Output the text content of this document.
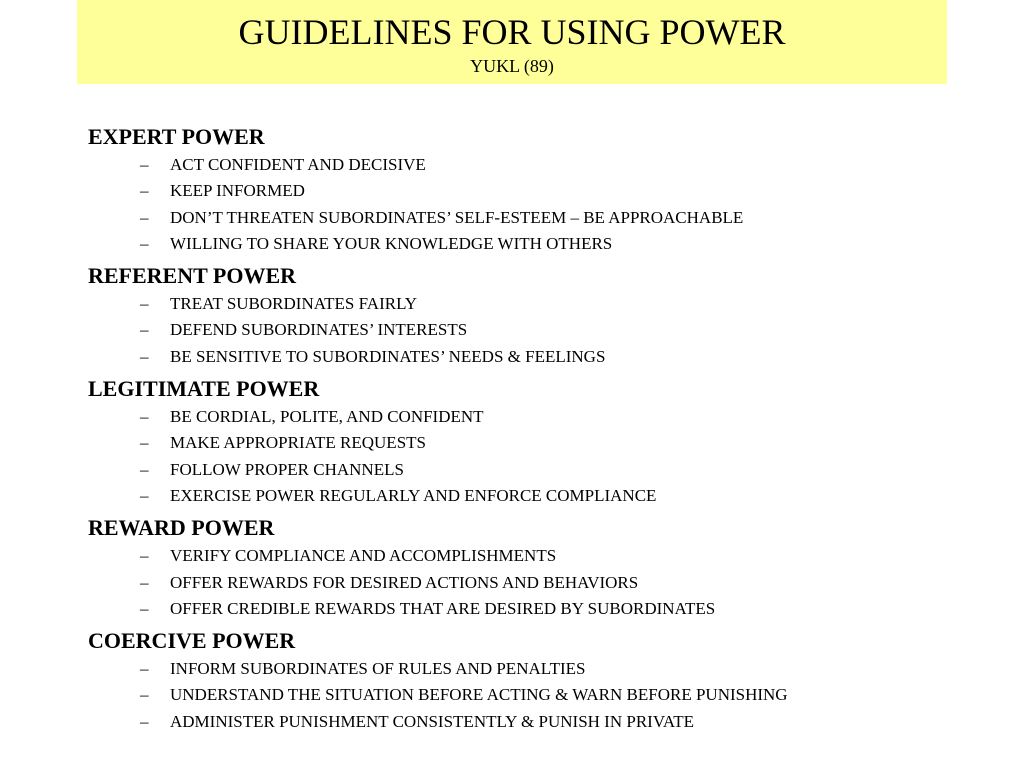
GUIDELINES FOR USING POWER
YUKL (89)
EXPERT POWER
– ACT CONFIDENT AND DECISIVE
– KEEP INFORMED
– DON’T THREATEN SUBORDINATES’ SELF-ESTEEM – BE APPROACHABLE
– WILLING TO SHARE YOUR KNOWLEDGE WITH OTHERS
REFERENT POWER
– TREAT SUBORDINATES FAIRLY
– DEFEND SUBORDINATES’ INTERESTS
– BE SENSITIVE TO SUBORDINATES’ NEEDS & FEELINGS
LEGITIMATE POWER
– BE CORDIAL, POLITE, AND CONFIDENT
– MAKE APPROPRIATE REQUESTS
– FOLLOW PROPER CHANNELS
– EXERCISE POWER REGULARLY AND ENFORCE COMPLIANCE
REWARD POWER
– VERIFY COMPLIANCE AND ACCOMPLISHMENTS
– OFFER REWARDS FOR DESIRED ACTIONS AND BEHAVIORS
– OFFER CREDIBLE REWARDS THAT ARE DESIRED BY SUBORDINATES
COERCIVE POWER
– INFORM SUBORDINATES OF RULES AND PENALTIES
– UNDERSTAND THE SITUATION BEFORE ACTING & WARN BEFORE PUNISHING
– ADMINISTER PUNISHMENT CONSISTENTLY & PUNISH IN PRIVATE
